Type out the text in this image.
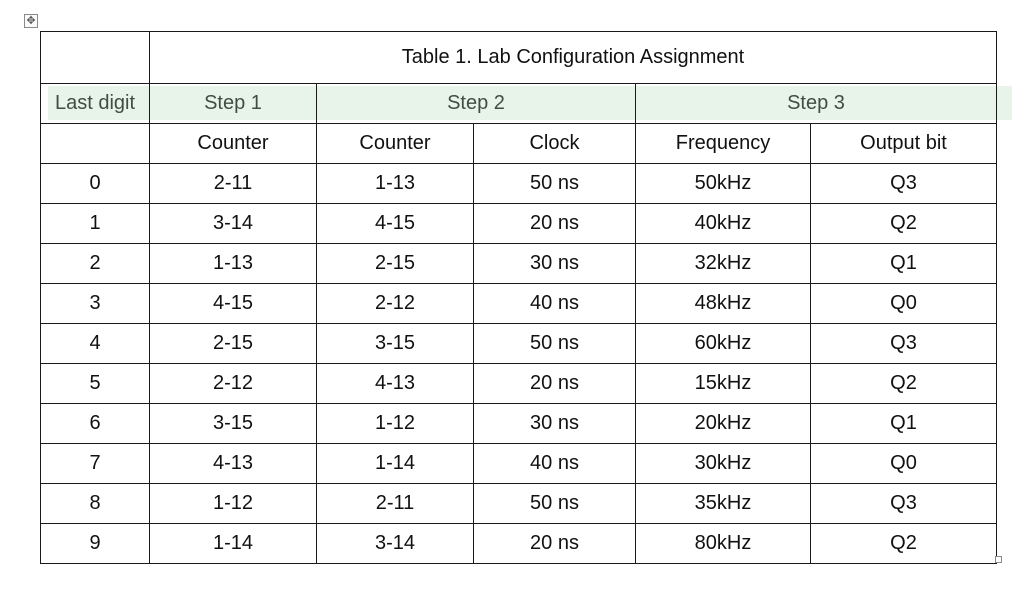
✥
	Table 1. Lab Configuration Assignment				
Last digit	Step 1	Step 2		Step 3	
	Counter	Counter	Clock	Frequency	Output bit
0	2-11	1-13	50 ns	50kHz	Q3
1	3-14	4-15	20 ns	40kHz	Q2
2	1-13	2-15	30 ns	32kHz	Q1
3	4-15	2-12	40 ns	48kHz	Q0
4	2-15	3-15	50 ns	60kHz	Q3
5	2-12	4-13	20 ns	15kHz	Q2
6	3-15	1-12	30 ns	20kHz	Q1
7	4-13	1-14	40 ns	30kHz	Q0
8	1-12	2-11	50 ns	35kHz	Q3
9	1-14	3-14	20 ns	80kHz	Q2
